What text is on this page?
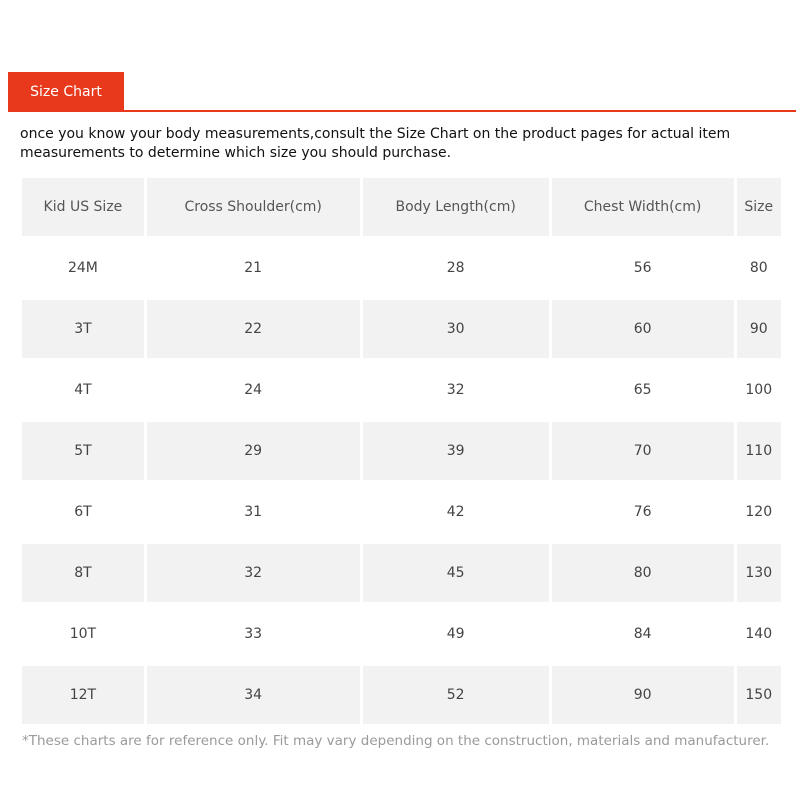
Size Chart
once you know your body measurements,consult the Size Chart on the product pages for actual item measurements to determine which size you should purchase.
Kid US Size	Cross Shoulder(cm)	Body Length(cm)	Chest Width(cm)	Size
24M	21	28	56	80
3T	22	30	60	90
4T	24	32	65	100
5T	29	39	70	110
6T	31	42	76	120
8T	32	45	80	130
10T	33	49	84	140
12T	34	52	90	150
*These charts are for reference only. Fit may vary depending on the construction, materials and manufacturer.
